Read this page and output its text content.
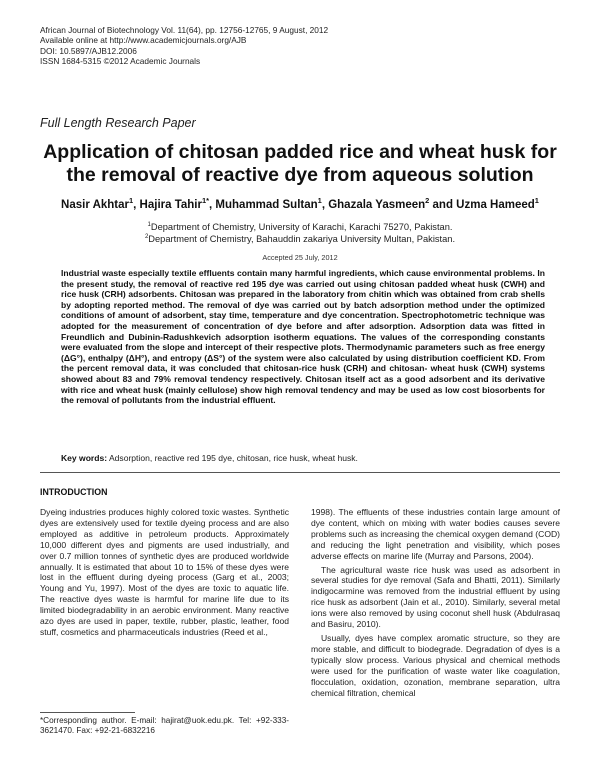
African Journal of Biotechnology Vol. 11(64), pp. 12756-12765, 9 August, 2012
Available online at http://www.academicjournals.org/AJB
DOI: 10.5897/AJB12.2006
ISSN 1684-5315 ©2012 Academic Journals
Full Length Research Paper
Application of chitosan padded rice and wheat husk for
the removal of reactive dye from aqueous solution
Nasir Akhtar$^1$, Hajira Tahir$^{1*}$, Muhammad Sultan$^1$, Ghazala Yasmeen$^2$ and Uzma Hameed$^1$
$^1$Department of Chemistry, University of Karachi, Karachi 75270, Pakistan.
$^2$Department of Chemistry, Bahauddin zakariya University Multan, Pakistan.
Accepted 25 July, 2012
Industrial waste especially textile effluents contain many harmful ingredients, which cause environmental problems. In the present study, the removal of reactive red 195 dye was carried out using chitosan padded wheat husk (CWH) and rice husk (CRH) adsorbents. Chitosan was prepared in the laboratory from chitin which was obtained from crab shells by adopting reported method. The removal of dye was carried out by batch adsorption method under the optimized conditions of amount of adsorbent, stay time, temperature and dye concentration. Spectrophotometric technique was adopted for the measurement of concentration of dye before and after adsorption. Adsorption data was fitted in Freundlich and Dubinin-Radushkevich adsorption isotherm equations. The values of the corresponding constants were evaluated from the slope and intercept of their respective plots. Thermodynamic parameters such as free energy (ΔG°), enthalpy (ΔH°), and entropy (ΔS°) of the system were also calculated by using distribution coefficient KD. From the percent removal data, it was concluded that chitosan-rice husk (CRH) and chitosan- wheat husk (CWH) systems showed about 83 and 79% removal tendency respectively. Chitosan itself act as a good adsorbent and its derivative with rice and wheat husk (mainly cellulose) show high removal tendency and may be used as low cost biosorbents for the removal of pollutants from the industrial effluent.
Key words: Adsorption, reactive red 195 dye, chitosan, rice husk, wheat husk.
INTRODUCTION

Dyeing industries produces highly colored toxic wastes. Synthetic dyes are extensively used for textile dyeing process and are also employed as additive in petroleum products. Approximately 10,000 different dyes and pigments are used industrially, and over 0.7 million tonnes of synthetic dyes are produced worldwide annually. It is estimated that about 10 to 15% of these dyes were lost in the effluent during dyeing process (Garg et al., 2003; Young and Yu, 1997). Most of the dyes are toxic to aquatic life. The reactive dyes waste is harmful for marine life due to its limited biodegradability in an aerobic environment. Many reactive azo dyes are used in paper, textile, rubber, plastic, leather, food stuff, cosmetics and pharmaceuticals industries (Reed et al.,

1998). The effluents of these industries contain large amount of dye content, which on mixing with water bodies causes severe problems such as increasing the chemical oxygen demand (COD) and reducing the light penetration and visibility, which poses adverse effects on marine life (Murray and Parsons, 2004).

The agricultural waste rice husk was used as adsorbent in several studies for dye removal (Safa and Bhatti, 2011). Similarly indigocarmine was removed from the industrial effluent by using rice husk as adsorbent (Jain et al., 2010). Similarly, several metal ions were also removed by using coconut shell husk (Abdulrasaq and Basiru, 2010).

Usually, dyes have complex aromatic structure, so they are more stable, and difficult to biodegrade. Degradation of dyes is a typically slow process. Various physical and chemical methods were used for the purification of waste water like coagulation, flocculation, oxidation, ozonation, membrane separation, ultra chemical filtration, chemical

*Corresponding author. E-mail: hajirat@uok.edu.pk. Tel: +92-333-3621470. Fax: +92-21-6832216
